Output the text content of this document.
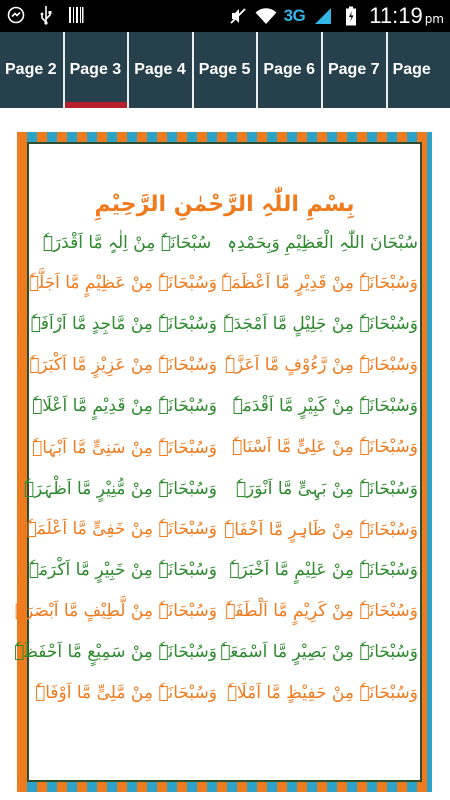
3G	11:19 pm
Page 2 Page 3 Page 4 Page 5 Page 6 Page 7 Page
بِسْمِ اللّٰہِ الرَّحْمٰنِ الرَّحِیْمِ
سُبْحَانَ اللّٰہِ الْعَظِیْمِ وَبِحَمْدِہٖ
سُبْحَانَہٗ مِنْ اِلٰہٍ مَّا اَقْدَرَہٗ
وَسُبْحَانَہٗ مِنْ قَدِیْرٍ مَّا اَعْظَمَہٗ
وَسُبْحَانَہٗ مِنْ عَظِیْمٍ مَّا اَجَلَّہٗ
وَسُبْحَانَہٗ مِنْ جَلِیْلٍ مَّا اَمْجَدَہٗ
وَسُبْحَانَہٗ مِنْ مَّاجِدٍ مَّا اَرْاَفَہٗ
وَسُبْحَانَہٗ مِنْ رَّءُوْفٍ مَّا اَعَزَّہٗ
وَسُبْحَانَہٗ مِنْ عَزِیْزٍ مَّا اَکْبَرَہٗ
وَسُبْحَانَہٗ مِنْ کَبِیْرٍ مَّا اَقْدَمَہٗ
وَسُبْحَانَہٗ مِنْ قَدِیْمٍ مَّا اَعْلَاہٗ
وَسُبْحَانَہٗ مِنْ عَلِیٍّ مَّا اَسْنَاہٗ
وَسُبْحَانَہٗ مِنْ سَنِیٍّ مَّا اَبْہَاہٗ
وَسُبْحَانَہٗ مِنْ بَہِیٍّ مَّا اَنْوَرَہٗ
وَسُبْحَانَہٗ مِنْ مُّنِیْرٍ مَّا اَظْہَرَہٗ
وَسُبْحَانَہٗ مِنْ ظَاہِرٍ مَّا اَخْفَاہٗ
وَسُبْحَانَہٗ مِنْ خَفِیٍّ مَّا اَعْلَمَہٗ
وَسُبْحَانَہٗ مِنْ عَلِیْمٍ مَّا اَخْبَرَہٗ
وَسُبْحَانَہٗ مِنْ خَبِیْرٍ مَّا اَکْرَمَہٗ
وَسُبْحَانَہٗ مِنْ کَرِیْمٍ مَّا اَلْطَفَہٗ
وَسُبْحَانَہٗ مِنْ لَّطِیْفٍ مَّا اَبْصَرَہٗ
وَسُبْحَانَہٗ مِنْ بَصِیْرٍ مَّا اَسْمَعَہٗ
وَسُبْحَانَہٗ مِنْ سَمِیْعٍ مَّا اَحْفَظَہٗ
وَسُبْحَانَہٗ مِنْ حَفِیْظٍ مَّا اَمْلَاہٗ
وَسُبْحَانَہٗ مِنْ مَّلِیٍّ مَّا اَوْفَاہٗ
